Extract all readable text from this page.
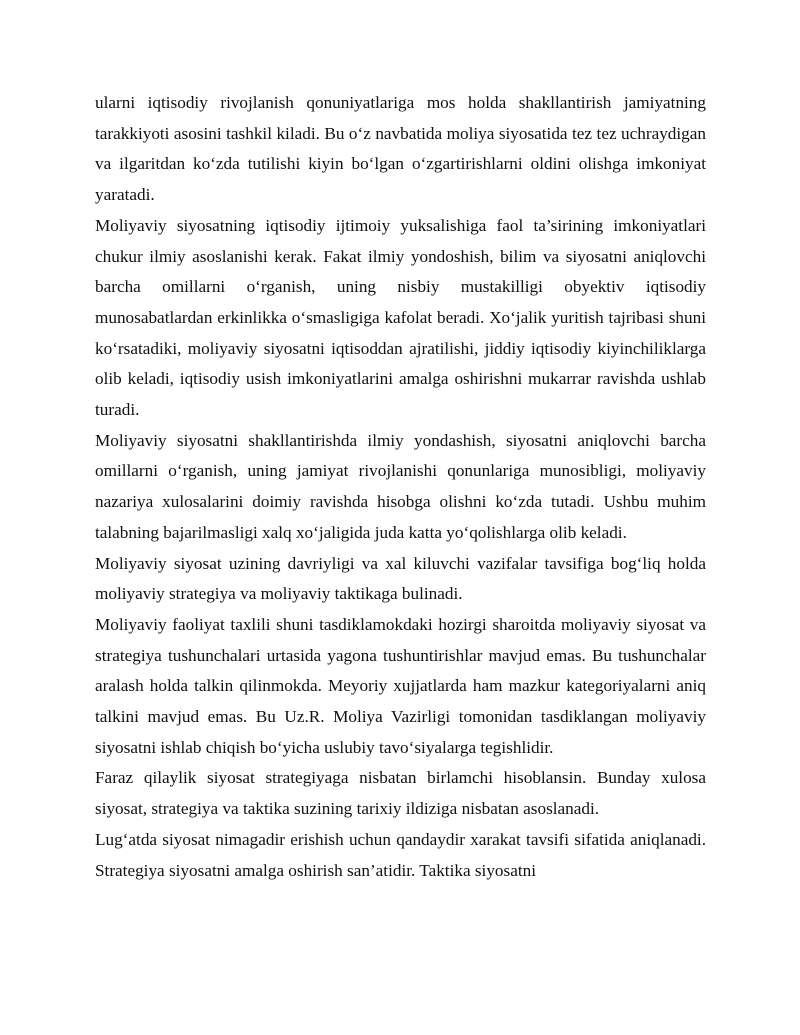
ularni iqtisodiy rivojlanish qonuniyatlariga mos holda shakllantirish jamiyatning tarakkiyoti asosini tashkil kiladi. Bu o‘z navbatida moliya siyosatida tez tez uchraydigan va ilgaritdan ko‘zda tutilishi kiyin bo‘lgan o‘zgartirishlarni oldini olishga imkoniyat yaratadi.

Moliyaviy siyosatning iqtisodiy ijtimoiy yuksalishiga faol ta’sirining imkoniyatlari chukur ilmiy asoslanishi kerak. Fakat ilmiy yondoshish, bilim va siyosatni aniqlovchi barcha omillarni o‘rganish, uning nisbiy mustakilligi obyektiv iqtisodiy munosabatlardan erkinlikka o‘smasligiga kafolat beradi. Xo‘jalik yuritish tajribasi shuni ko‘rsatadiki, moliyaviy siyosatni iqtisoddan ajratilishi, jiddiy iqtisodiy kiyinchiliklarga olib keladi, iqtisodiy usish imkoniyatlarini amalga oshirishni mukarrar ravishda ushlab turadi.

Moliyaviy siyosatni shakllantirishda ilmiy yondashish, siyosatni aniqlovchi barcha omillarni o‘rganish, uning jamiyat rivojlanishi qonunlariga munosibligi, moliyaviy nazariya xulosalarini doimiy ravishda hisobga olishni ko‘zda tutadi. Ushbu muhim talabning bajarilmasligi xalq xo‘jaligida juda katta yo‘qolishlarga olib keladi.

Moliyaviy siyosat uzining davriyligi va xal kiluvchi vazifalar tavsifiga bog‘liq holda moliyaviy strategiya va moliyaviy taktikaga bulinadi.

Moliyaviy faoliyat taxlili shuni tasdiklamokdaki hozirgi sharoitda moliyaviy siyosat va strategiya tushunchalari urtasida yagona tushuntirishlar mavjud emas. Bu tushunchalar aralash holda talkin qilinmokda. Meyoriy xujjatlarda ham mazkur kategoriyalarni aniq talkini mavjud emas. Bu Uz.R. Moliya Vazirligi tomonidan tasdiklangan moliyaviy siyosatni ishlab chiqish bo‘yicha uslubiy tavo‘siyalarga tegishlidir.

Faraz qilaylik siyosat strategiyaga nisbatan birlamchi hisoblansin. Bunday xulosa siyosat, strategiya va taktika suzining tarixiy ildiziga nisbatan asoslanadi.

Lug‘atda siyosat nimagadir erishish uchun qandaydir xarakat tavsifi sifatida aniqlanadi. Strategiya siyosatni amalga oshirish san’atidir. Taktika siyosatni
